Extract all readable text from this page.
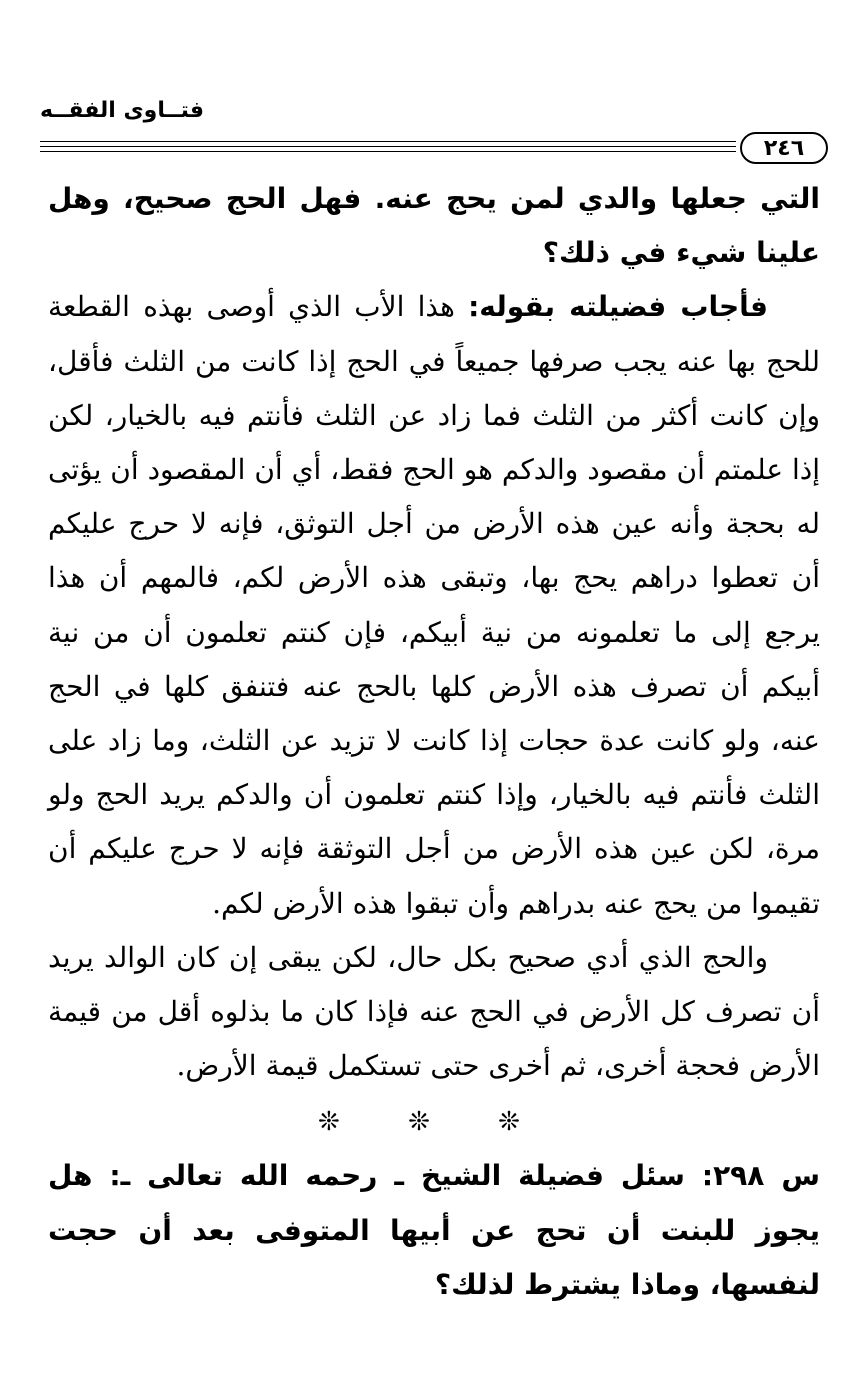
فتــاوى الفقــه
٢٤٦

التي جعلها والدي لمن يحج عنه. فهل الحج صحيح، وهل علينا شيء في ذلك؟

فأجاب فضيلته بقوله: هذا الأب الذي أوصى بهذه القطعة للحج بها عنه يجب صرفها جميعاً في الحج إذا كانت من الثلث فأقل، وإن كانت أكثر من الثلث فما زاد عن الثلث فأنتم فيه بالخيار، لكن إذا علمتم أن مقصود والدكم هو الحج فقط، أي أن المقصود أن يؤتى له بحجة وأنه عين هذه الأرض من أجل التوثق، فإنه لا حرج عليكم أن تعطوا دراهم يحج بها، وتبقى هذه الأرض لكم، فالمهم أن هذا يرجع إلى ما تعلمونه من نية أبيكم، فإن كنتم تعلمون أن من نية أبيكم أن تصرف هذه الأرض كلها بالحج عنه فتنفق كلها في الحج عنه، ولو كانت عدة حجات إذا كانت لا تزيد عن الثلث، وما زاد على الثلث فأنتم فيه بالخيار، وإذا كنتم تعلمون أن والدكم يريد الحج ولو مرة، لكن عين هذه الأرض من أجل التوثقة فإنه لا حرج عليكم أن تقيموا من يحج عنه بدراهم وأن تبقوا هذه الأرض لكم.

والحج الذي أدي صحيح بكل حال، لكن يبقى إن كان الوالد يريد أن تصرف كل الأرض في الحج عنه فإذا كان ما بذلوه أقل من قيمة الأرض فحجة أخرى، ثم أخرى حتى تستكمل قيمة الأرض.

❊ ❊ ❊

س ٢٩٨: سئل فضيلة الشيخ ـ رحمه الله تعالى ـ: هل يجوز للبنت أن تحج عن أبيها المتوفى بعد أن حجت لنفسها، وماذا يشترط لذلك؟
